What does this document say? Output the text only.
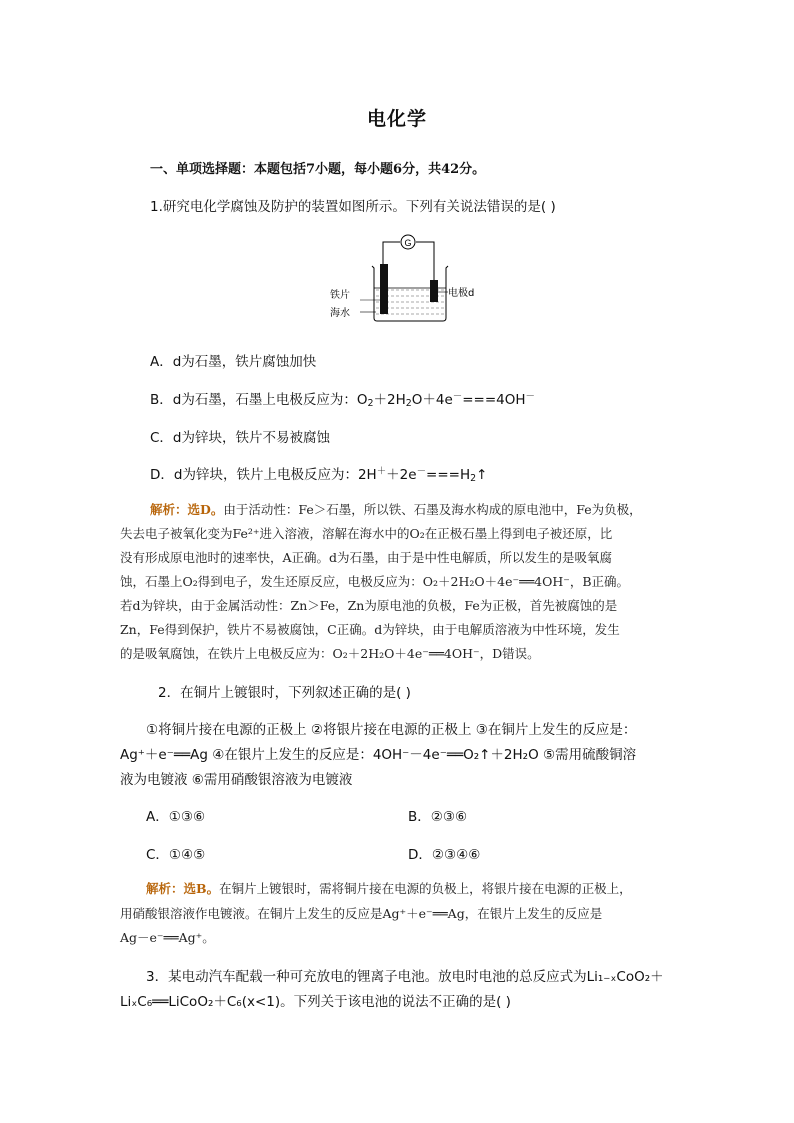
电化学
一、单项选择题：本题包括7小题，每小题6分，共42分。
1.研究电化学腐蚀及防护的装置如图所示。下列有关说法错误的是( )
G
铁片
海水
电极d
A．d为石墨，铁片腐蚀加快
B．d为石墨，石墨上电极反应为：$O_2+2H_2O+4e^-===4OH^-$
C．d为锌块，铁片不易被腐蚀
D．d为锌块，铁片上电极反应为：$2H^++2e^-===H_2↑$
解析：选D。由于活动性：Fe＞石墨，所以铁、石墨及海水构成的原电池中，Fe为负极，
失去电子被氧化变为Fe²⁺进入溶液，溶解在海水中的O₂在正极石墨上得到电子被还原，比
没有形成原电池时的速率快，A正确。d为石墨，由于是中性电解质，所以发生的是吸氧腐
蚀，石墨上O₂得到电子，发生还原反应，电极反应为：O₂＋2H₂O＋4e⁻══4OH⁻，B正确。
若d为锌块，由于金属活动性：Zn＞Fe，Zn为原电池的负极，Fe为正极，首先被腐蚀的是
Zn，Fe得到保护，铁片不易被腐蚀，C正确。d为锌块，由于电解质溶液为中性环境，发生
的是吸氧腐蚀，在铁片上电极反应为：O₂＋2H₂O＋4e⁻══4OH⁻，D错误。
2．在铜片上镀银时，下列叙述正确的是( )
①将铜片接在电源的正极上 ②将银片接在电源的正极上 ③在铜片上发生的反应是：
Ag⁺＋e⁻══Ag ④在银片上发生的反应是：4OH⁻－4e⁻══O₂↑＋2H₂O ⑤需用硫酸铜溶
液为电镀液 ⑥需用硝酸银溶液为电镀液
A．①③⑥	B．②③⑥
C．①④⑤	D．②③④⑥
解析：选B。在铜片上镀银时，需将铜片接在电源的负极上，将银片接在电源的正极上，
用硝酸银溶液作电镀液。在铜片上发生的反应是Ag⁺＋e⁻══Ag，在银片上发生的反应是
Ag－e⁻══Ag⁺。
3．某电动汽车配载一种可充放电的锂离子电池。放电时电池的总反应式为Li₁₋ₓCoO₂＋
LiₓC₆══LiCoO₂＋C₆(x<1)。下列关于该电池的说法不正确的是( )
